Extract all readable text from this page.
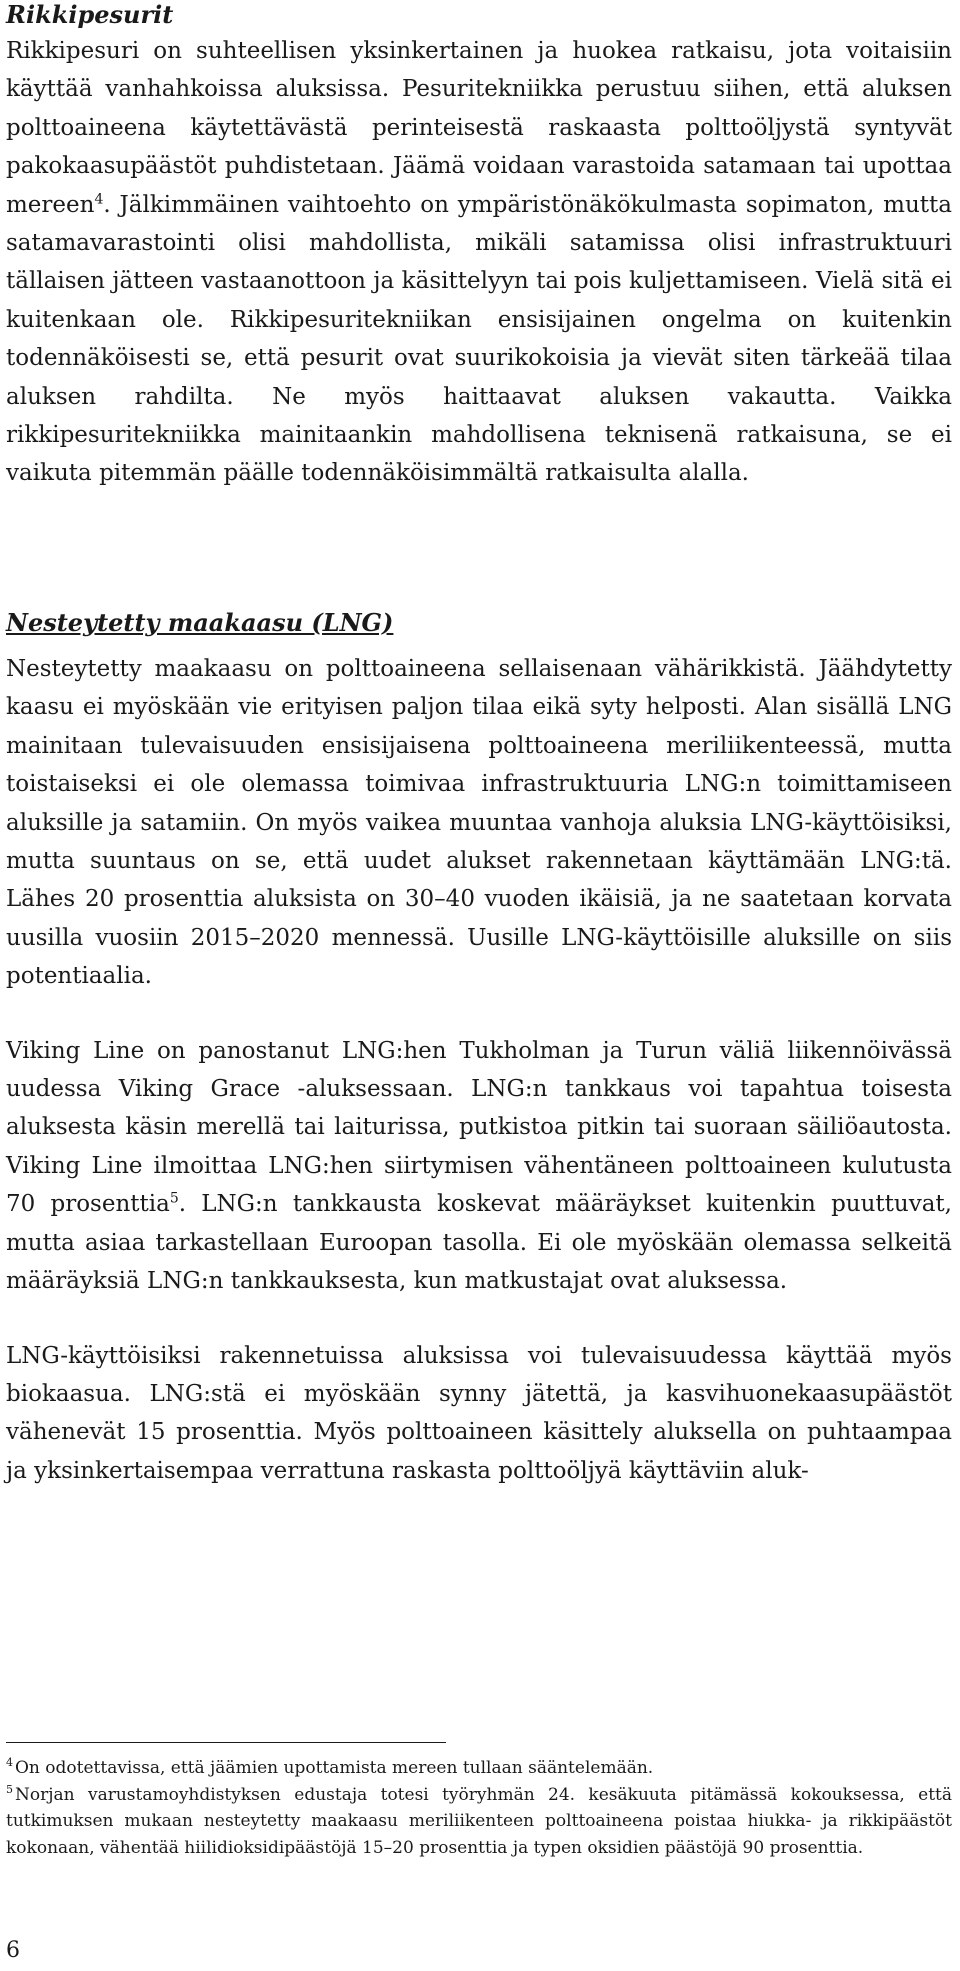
Rikkipesurit

Rikkipesuri on suhteellisen yksinkertainen ja huokea ratkaisu, jota voitaisiin käyttää vanhahkoissa aluksissa. Pesuritekniikka perustuu siihen, että aluksen polttoaineena käytettävästä perinteisestä raskaasta polttoöljystä syntyvät pakokaasupäästöt puhdistetaan. Jäämä voidaan varastoida satamaan tai upottaa mereen$^4$. Jälkimmäinen vaihtoehto on ympäristönäkökulmasta sopimaton, mutta satamavarastointi olisi mahdollista, mikäli satamissa olisi infrastruktuuri tällaisen jätteen vastaanottoon ja käsittelyyn tai pois kuljettamiseen. Vielä sitä ei kuitenkaan ole. Rikkipesuritekniikan ensisijainen ongelma on kuitenkin todennäköisesti se, että pesurit ovat suurikokoisia ja vievät siten tärkeää tilaa aluksen rahdilta. Ne myös haittaavat aluksen vakautta. Vaikka rikkipesuritekniikka mainitaankin mahdollisena teknisenä ratkaisuna, se ei vaikuta pitemmän päälle todennäköisimmältä ratkaisulta alalla.

Nesteytetty maakaasu (LNG)

Nesteytetty maakaasu on polttoaineena sellaisenaan vähärikkistä. Jäähdytetty kaasu ei myöskään vie erityisen paljon tilaa eikä syty helposti. Alan sisällä LNG mainitaan tulevaisuuden ensisijaisena polttoaineena meriliikenteessä, mutta toistaiseksi ei ole olemassa toimivaa infrastruktuuria LNG:n toimittamiseen aluksille ja satamiin. On myös vaikea muuntaa vanhoja aluksia LNG-käyttöisiksi, mutta suuntaus on se, että uudet alukset rakennetaan käyttämään LNG:tä. Lähes 20 prosenttia aluksista on 30–40 vuoden ikäisiä, ja ne saatetaan korvata uusilla vuosiin 2015–2020 mennessä. Uusille LNG-käyttöisille aluksille on siis potentiaalia.

Viking Line on panostanut LNG:hen Tukholman ja Turun väliä liikennöivässä uudessa Viking Grace -aluksessaan. LNG:n tankkaus voi tapahtua toisesta aluksesta käsin merellä tai laiturissa, putkistoa pitkin tai suoraan säiliöautosta. Viking Line ilmoittaa LNG:hen siirtymisen vähentäneen polttoaineen kulutusta 70 prosenttia$^5$. LNG:n tankkausta koskevat määräykset kuitenkin puuttuvat, mutta asiaa tarkastellaan Euroopan tasolla. Ei ole myöskään olemassa selkeitä määräyksiä LNG:n tankkauksesta, kun matkustajat ovat aluksessa.

LNG-käyttöisiksi rakennetuissa aluksissa voi tulevaisuudessa käyttää myös biokaasua. LNG:stä ei myöskään synny jätettä, ja kasvihuonekaasupäästöt vähenevät 15 prosenttia. Myös polttoaineen käsittely aluksella on puhtaampaa ja yksinkertaisempaa verrattuna raskasta polttoöljyä käyttäviin aluk-

$^4$ On odotettavissa, että jäämien upottamista mereen tullaan sääntelemään.

$^5$ Norjan varustamoyhdistyksen edustaja totesi työryhmän 24. kesäkuuta pitämässä kokouksessa, että tutkimuksen mukaan nesteytetty maakaasu meriliikenteen polttoaineena poistaa hiukka- ja rikkipäästöt kokonaan, vähentää hiilidioksidipäästöjä 15–20 prosenttia ja typen oksidien päästöjä 90 prosenttia.

6
